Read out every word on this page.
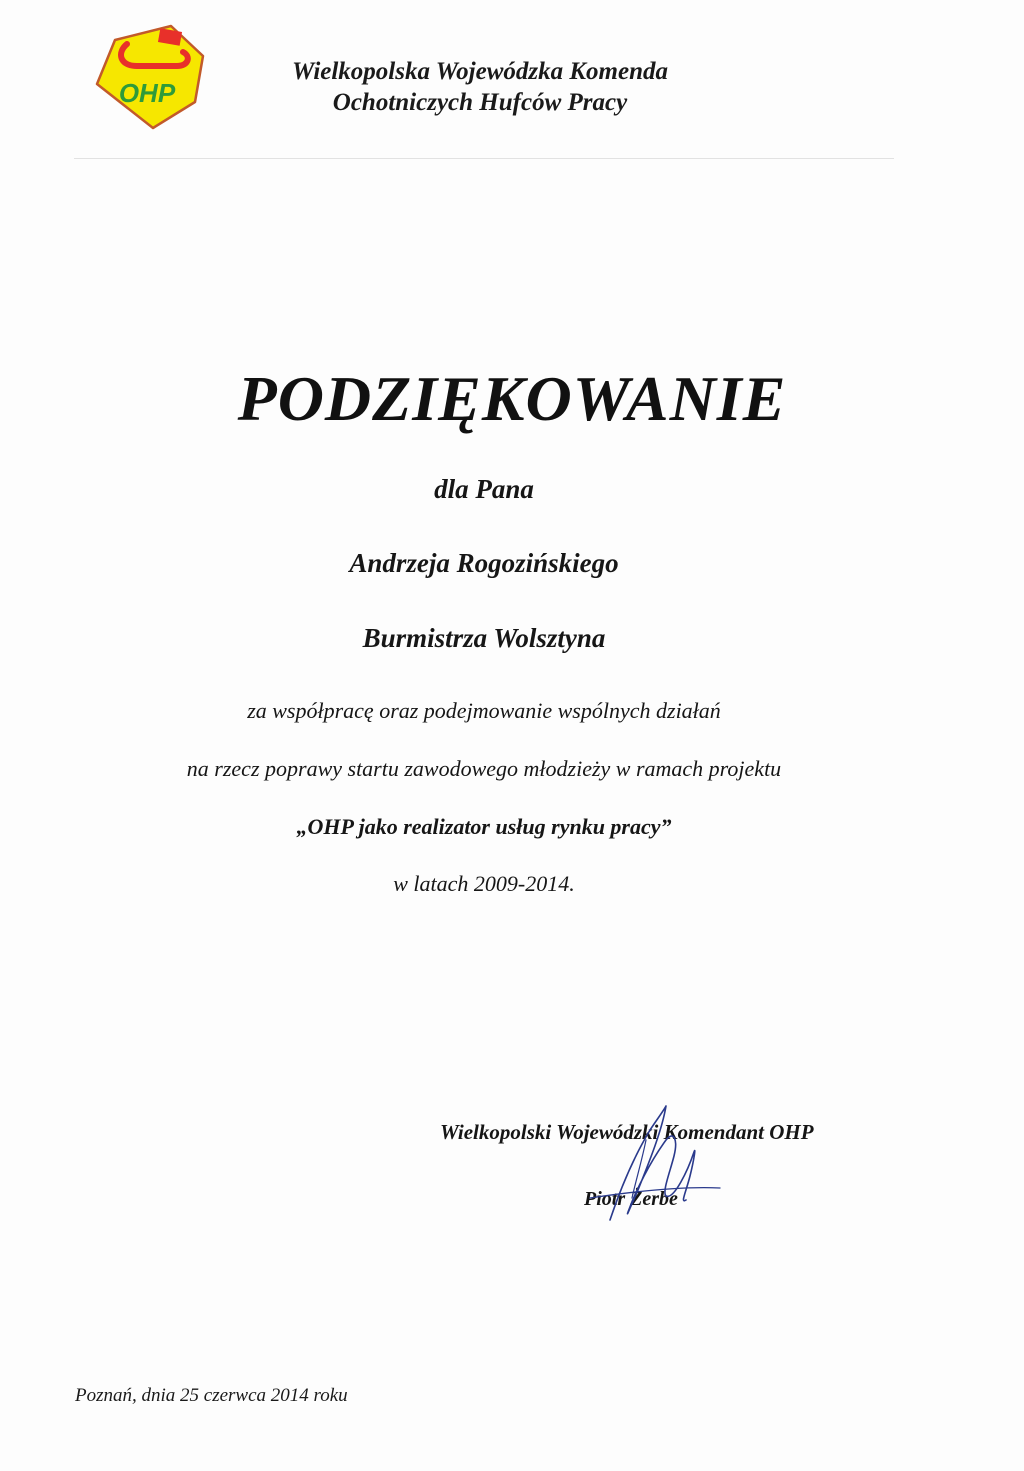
OHP
Wielkopolska Wojewódzka Komenda
Ochotniczych Hufców Pracy
PODZIĘKOWANIE
dla Pana
Andrzeja Rogozińskiego
Burmistrza Wolsztyna
za współpracę oraz podejmowanie wspólnych działań
na rzecz poprawy startu zawodowego młodzieży w ramach projektu
„OHP jako realizator usług rynku pracy”
w latach 2009-2014.
Wielkopolski Wojewódzki Komendant OHP
Piotr Żerbe
Poznań, dnia 25 czerwca 2014 roku
